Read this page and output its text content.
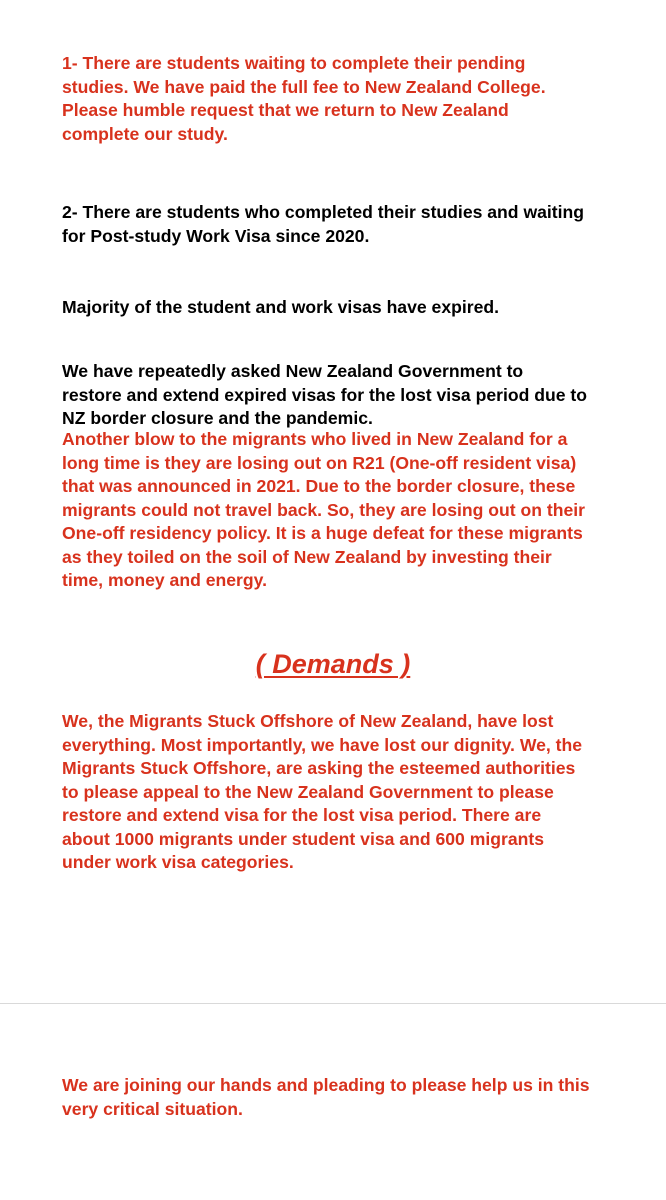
1- There are students waiting to complete their pending
studies. We have paid the full fee to New Zealand College.
Please humble request that we return to New Zealand
complete our study.

2- There are students who completed their studies and waiting
for Post-study Work Visa since 2020.

Majority of the student and work visas have expired.

We have repeatedly asked New Zealand Government to
restore and extend expired visas for the lost visa period due to
NZ border closure and the pandemic.

Another blow to the migrants who lived in New Zealand for a
long time is they are losing out on R21 (One-off resident visa)
that was announced in 2021. Due to the border closure, these
migrants could not travel back. So, they are losing out on their
One-off residency policy. It is a huge defeat for these migrants
as they toiled on the soil of New Zealand by investing their
time, money and energy.

( Demands )

We, the Migrants Stuck Offshore of New Zealand, have lost
everything. Most importantly, we have lost our dignity. We, the
Migrants Stuck Offshore, are asking the esteemed authorities
to please appeal to the New Zealand Government to please
restore and extend visa for the lost visa period. There are
about 1000 migrants under student visa and 600 migrants
under work visa categories.

We are joining our hands and pleading to please help us in this
very critical situation.
